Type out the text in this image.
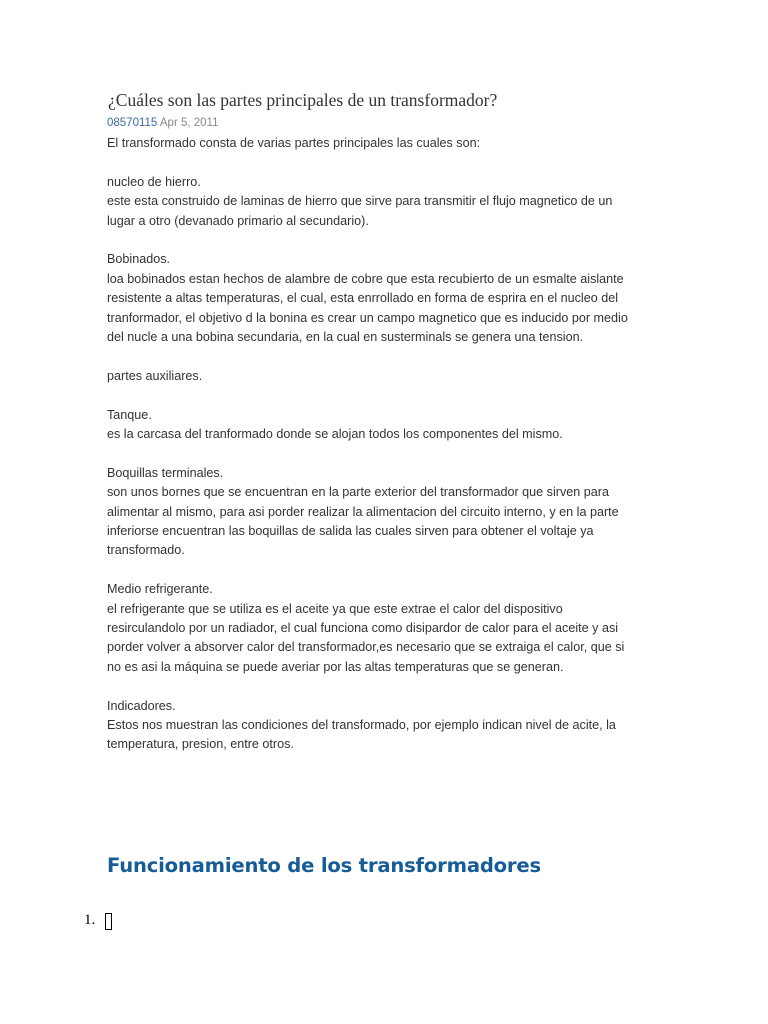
¿Cuáles son las partes principales de un transformador?
08570115 Apr 5, 2011
El transformado consta de varias partes principales las cuales son:
nucleo de hierro.
este esta construido de laminas de hierro que sirve para transmitir el flujo magnetico de un
lugar a otro (devanado primario al secundario).
Bobinados.
loa bobinados estan hechos de alambre de cobre que esta recubierto de un esmalte aislante
resistente a altas temperaturas, el cual, esta enrrollado en forma de esprira en el nucleo del
tranformador, el objetivo d la bonina es crear un campo magnetico que es inducido por medio
del nucle a una bobina secundaria, en la cual en susterminals se genera una tension.
partes auxiliares.
Tanque.
es la carcasa del tranformado donde se alojan todos los componentes del mismo.
Boquillas terminales.
son unos bornes que se encuentran en la parte exterior del transformador que sirven para
alimentar al mismo, para asi porder realizar la alimentacion del circuito interno, y en la parte
inferiorse encuentran las boquillas de salida las cuales sirven para obtener el voltaje ya
transformado.
Medio refrigerante.
el refrigerante que se utiliza es el aceite ya que este extrae el calor del dispositivo
resirculandolo por un radiador, el cual funciona como disipardor de calor para el aceite y asi
porder volver a absorver calor del transformador,es necesario que se extraiga el calor, que si
no es asi la máquina se puede averiar por las altas temperaturas que se generan.
Indicadores.
Estos nos muestran las condiciones del transformado, por ejemplo indican nivel de acite, la
temperatura, presion, entre otros.
Funcionamiento de los transformadores
1.
